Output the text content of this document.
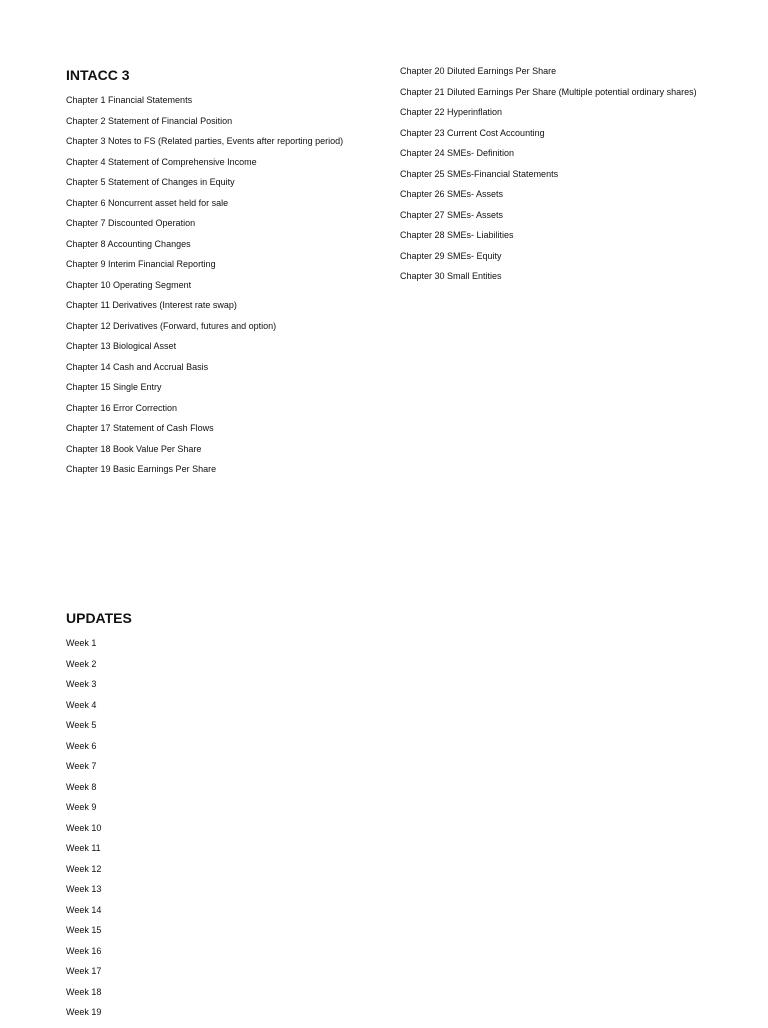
INTACC 3
Chapter 1 Financial Statements
Chapter 2 Statement of Financial Position
Chapter 3 Notes to FS (Related parties, Events after reporting period)
Chapter 4 Statement of Comprehensive Income
Chapter 5 Statement of Changes in Equity
Chapter 6 Noncurrent asset held for sale
Chapter 7 Discounted Operation
Chapter 8 Accounting Changes
Chapter 9 Interim Financial Reporting
Chapter 10 Operating Segment
Chapter 11 Derivatives (Interest rate swap)
Chapter 12 Derivatives (Forward, futures and option)
Chapter 13 Biological Asset
Chapter 14 Cash and Accrual Basis
Chapter 15 Single Entry
Chapter 16 Error Correction
Chapter 17 Statement of Cash Flows
Chapter 18 Book Value Per Share
Chapter 19 Basic Earnings Per Share
Chapter 20 Diluted Earnings Per Share
Chapter 21 Diluted Earnings Per Share (Multiple potential ordinary shares)
Chapter 22 Hyperinflation
Chapter 23 Current Cost Accounting
Chapter 24 SMEs- Definition
Chapter 25 SMEs-Financial Statements
Chapter 26 SMEs- Assets
Chapter 27 SMEs- Assets
Chapter 28 SMEs- Liabilities
Chapter 29 SMEs- Equity
Chapter 30 Small Entities
UPDATES
Week 1
Week 2
Week 3
Week 4
Week 5
Week 6
Week 7
Week 8
Week 9
Week 10
Week 11
Week 12
Week 13
Week 14
Week 15
Week 16
Week 17
Week 18
Week 19
